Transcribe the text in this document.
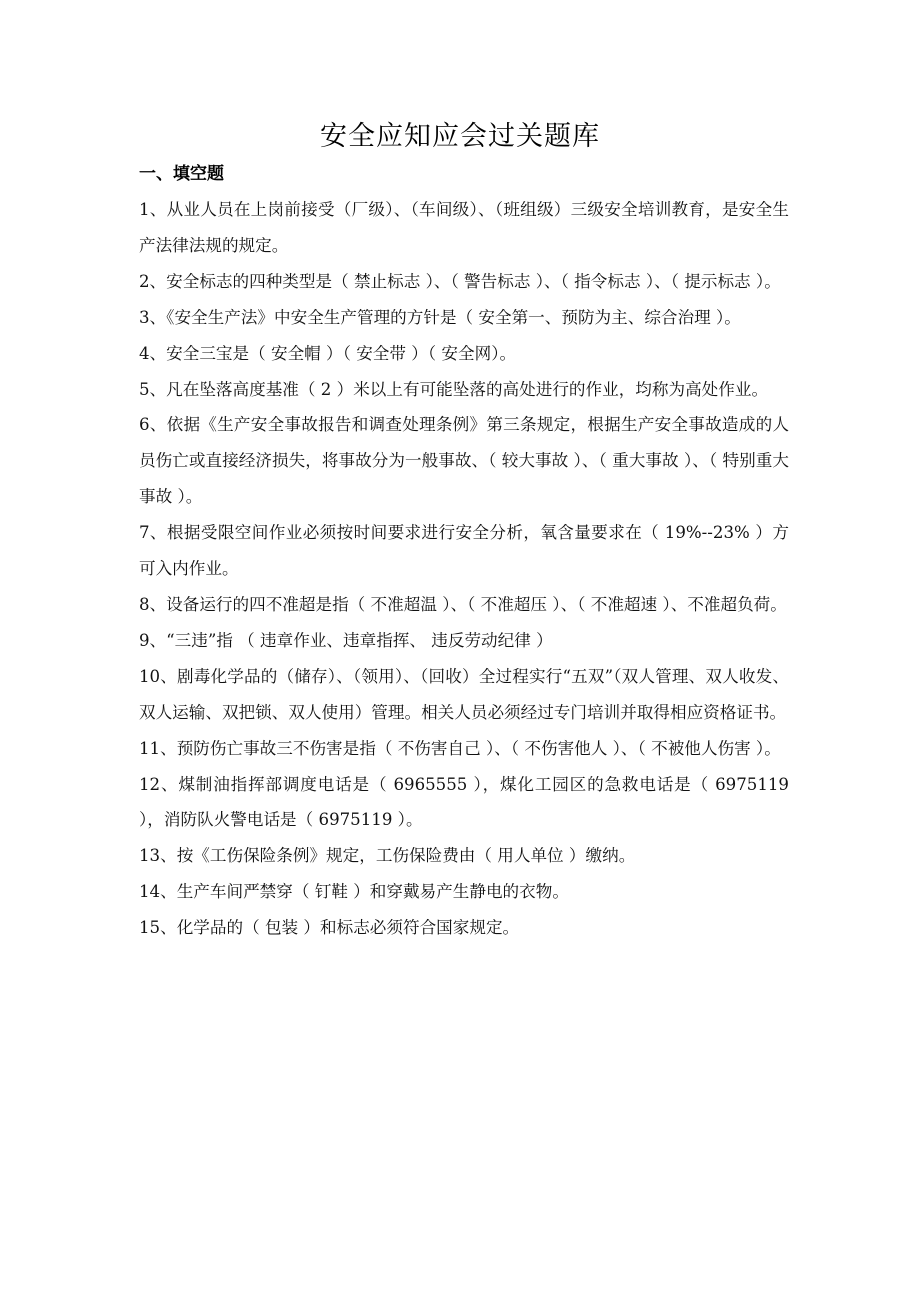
安全应知应会过关题库
一、填空题
1、从业人员在上岗前接受（厂级）、（车间级）、（班组级）三级安全培训教育，是安全生产法律法规的规定。
2、安全标志的四种类型是（ 禁止标志 ）、（ 警告标志 ）、（ 指令标志 ）、（ 提示标志 ）。
3、《安全生产法》中安全生产管理的方针是（ 安全第一、预防为主、综合治理 ）。
4、安全三宝是（ 安全帽 ）（ 安全带 ）（ 安全网）。
5、凡在坠落高度基准（ 2 ）米以上有可能坠落的高处进行的作业，均称为高处作业。
6、依据《生产安全事故报告和调查处理条例》第三条规定，根据生产安全事故造成的人员伤亡或直接经济损失，将事故分为一般事故、（ 较大事故 ）、（ 重大事故 ）、（ 特别重大事故 ）。
7、根据受限空间作业必须按时间要求进行安全分析，氧含量要求在（ 19%--23% ）方可入内作业。
8、设备运行的四不准超是指（ 不准超温 ）、（ 不准超压 ）、（ 不准超速 ）、不准超负荷。
9、“三违”指 （ 违章作业、违章指挥、 违反劳动纪律 ）
10、剧毒化学品的（储存）、（领用）、（回收）全过程实行“五双”（双人管理、双人收发、双人运输、双把锁、双人使用）管理。相关人员必须经过专门培训并取得相应资格证书。
11、预防伤亡事故三不伤害是指（ 不伤害自己 ）、（ 不伤害他人 ）、（ 不被他人伤害 ）。
12、煤制油指挥部调度电话是（ 6965555 ），煤化工园区的急救电话是（ 6975119 ），消防队火警电话是（ 6975119 ）。
13、按《工伤保险条例》规定，工伤保险费由（ 用人单位 ）缴纳。
14、生产车间严禁穿（ 钉鞋 ）和穿戴易产生静电的衣物。
15、化学品的（ 包装 ）和标志必须符合国家规定。
